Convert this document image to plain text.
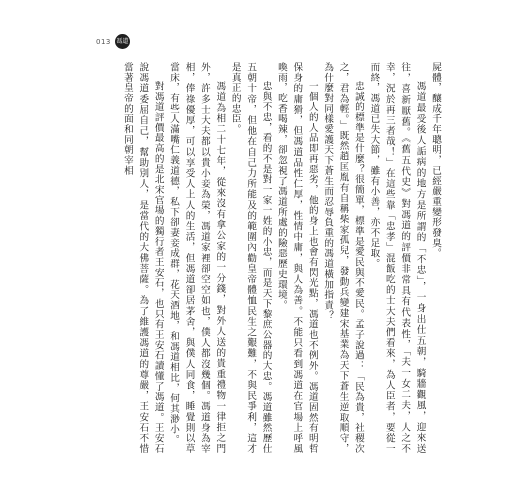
013 馮道

屍體，釀成千年聰明，已經嚴重變形發臭。

馮道最受後人詬病的地方是所謂的「不忠」，一身出仕五朝，騎牆觀風，迎來送往，喜新厭舊。《舊五代史》對馮道的評價非常具有代表性，「夫一女二夫，人之不幸，況於再三者哉！」在這些靠「忠孝」混飯吃的士大夫們看來，為人臣者，要從一而終，馮道已失大節，雖有小善，亦不足取。

忠誠的標準是什麼？很簡單，標準是愛民與不愛民。孟子說過：「民為貴，社稷次之，君為輕。」既然趙匡胤有自稱柴家孤兒，發動兵變建宋基業為天下蒼生逆取順守，為什麼對同樣愛護天下蒼生而忍辱負重的馮道橫加指責？

一個人的人品即再惡劣，他的身上也會有閃光點，馮道也不例外。馮道固然有明哲保身的庸猾，但馮道品性仁厚，性情中庸，與人為善。不能只看到馮道在官場上呼風喚雨，吃香喝辣，卻忽視了馮道所處的險惡歷史環境。

忠與不忠，看的不是對一家一姓的小忠，而是天下黎庶公器的大忠。馮道雖然歷仕五朝十帝，但他在自己力所能及的範圍內勸皇帝體恤民生之艱難，不與民爭利，這才是真正的忠臣。

馮道為相二十七年，從來沒有拿公家的一分錢，對外人送的貴重禮物一律拒之門外，許多士大夫都以貴小妾為榮，馮道家裡卻空空如也，僕人都沒幾個。馮道身為宰相，俸祿優厚，可以享受人上人的生活，但馮道卻居茅舍，與僕人同食，睡覺則以草當床，有些人滿嘴仁義道德，私下卻妻妾成群，花天酒地，和馮道相比，何其渺小。

對馮道評價最高的是北宋官場的獨行者王安石，也只有王安石讀懂了馮道。王安石說馮道委屈自己，幫助別人，是當代的大佛菩薩。為了維護馮道的尊嚴，王安石不惜當著皇帝的面和同朝宰相
